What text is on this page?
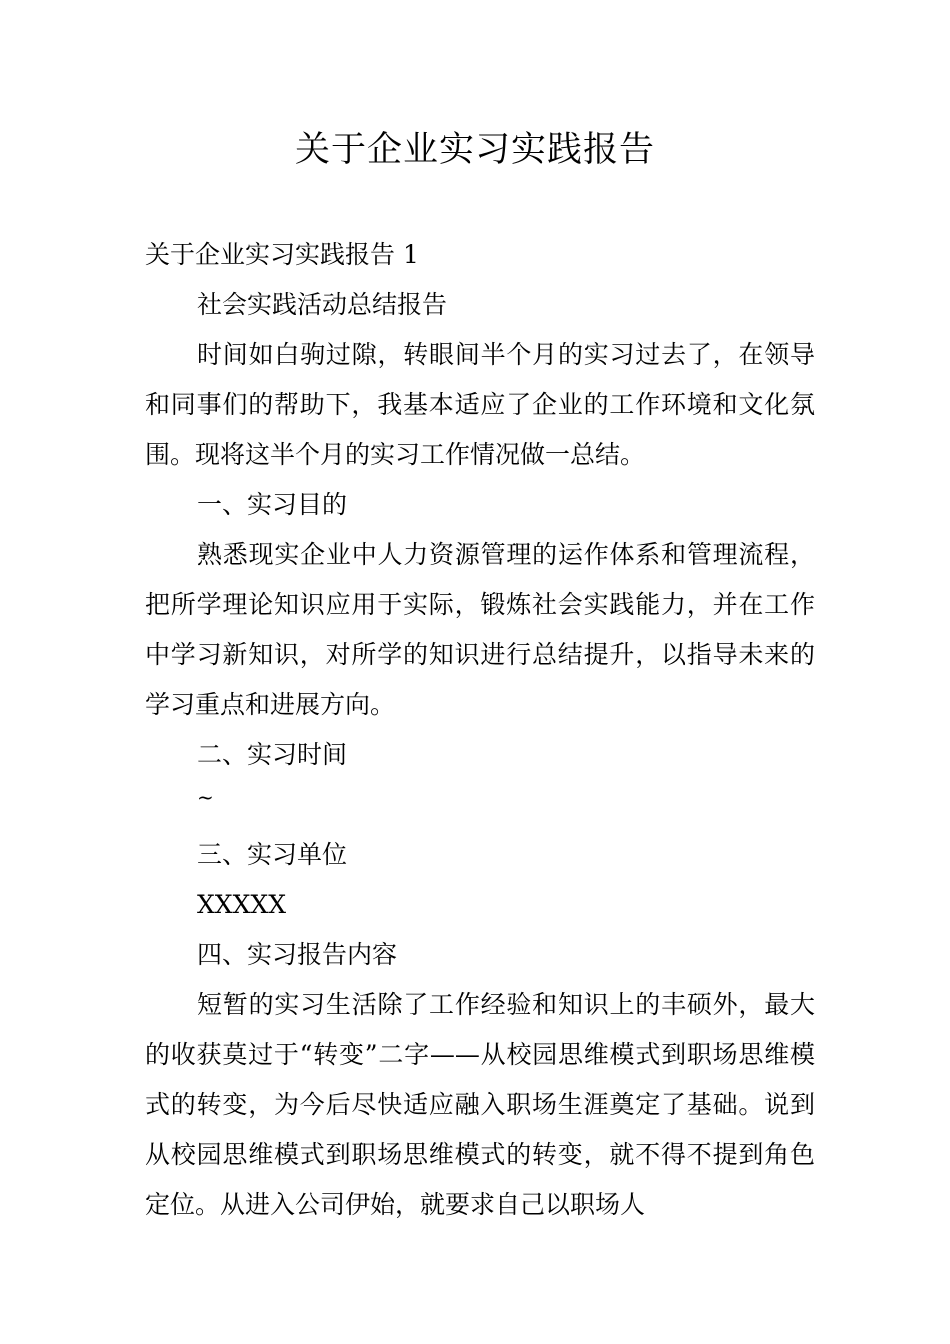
关于企业实习实践报告

关于企业实习实践报告 1

社会实践活动总结报告

时间如白驹过隙，转眼间半个月的实习过去了，在领导和同事们的帮助下，我基本适应了企业的工作环境和文化氛围。现将这半个月的实习工作情况做一总结。

一、实习目的

熟悉现实企业中人力资源管理的运作体系和管理流程，把所学理论知识应用于实际，锻炼社会实践能力，并在工作中学习新知识，对所学的知识进行总结提升，以指导未来的学习重点和进展方向。

二、实习时间

~

三、实习单位

XXXXX

四、实习报告内容

短暂的实习生活除了工作经验和知识上的丰硕外，最大的收获莫过于“转变”二字——从校园思维模式到职场思维模式的转变，为今后尽快适应融入职场生涯奠定了基础。说到从校园思维模式到职场思维模式的转变，就不得不提到角色定位。从进入公司伊始，就要求自己以职场人
